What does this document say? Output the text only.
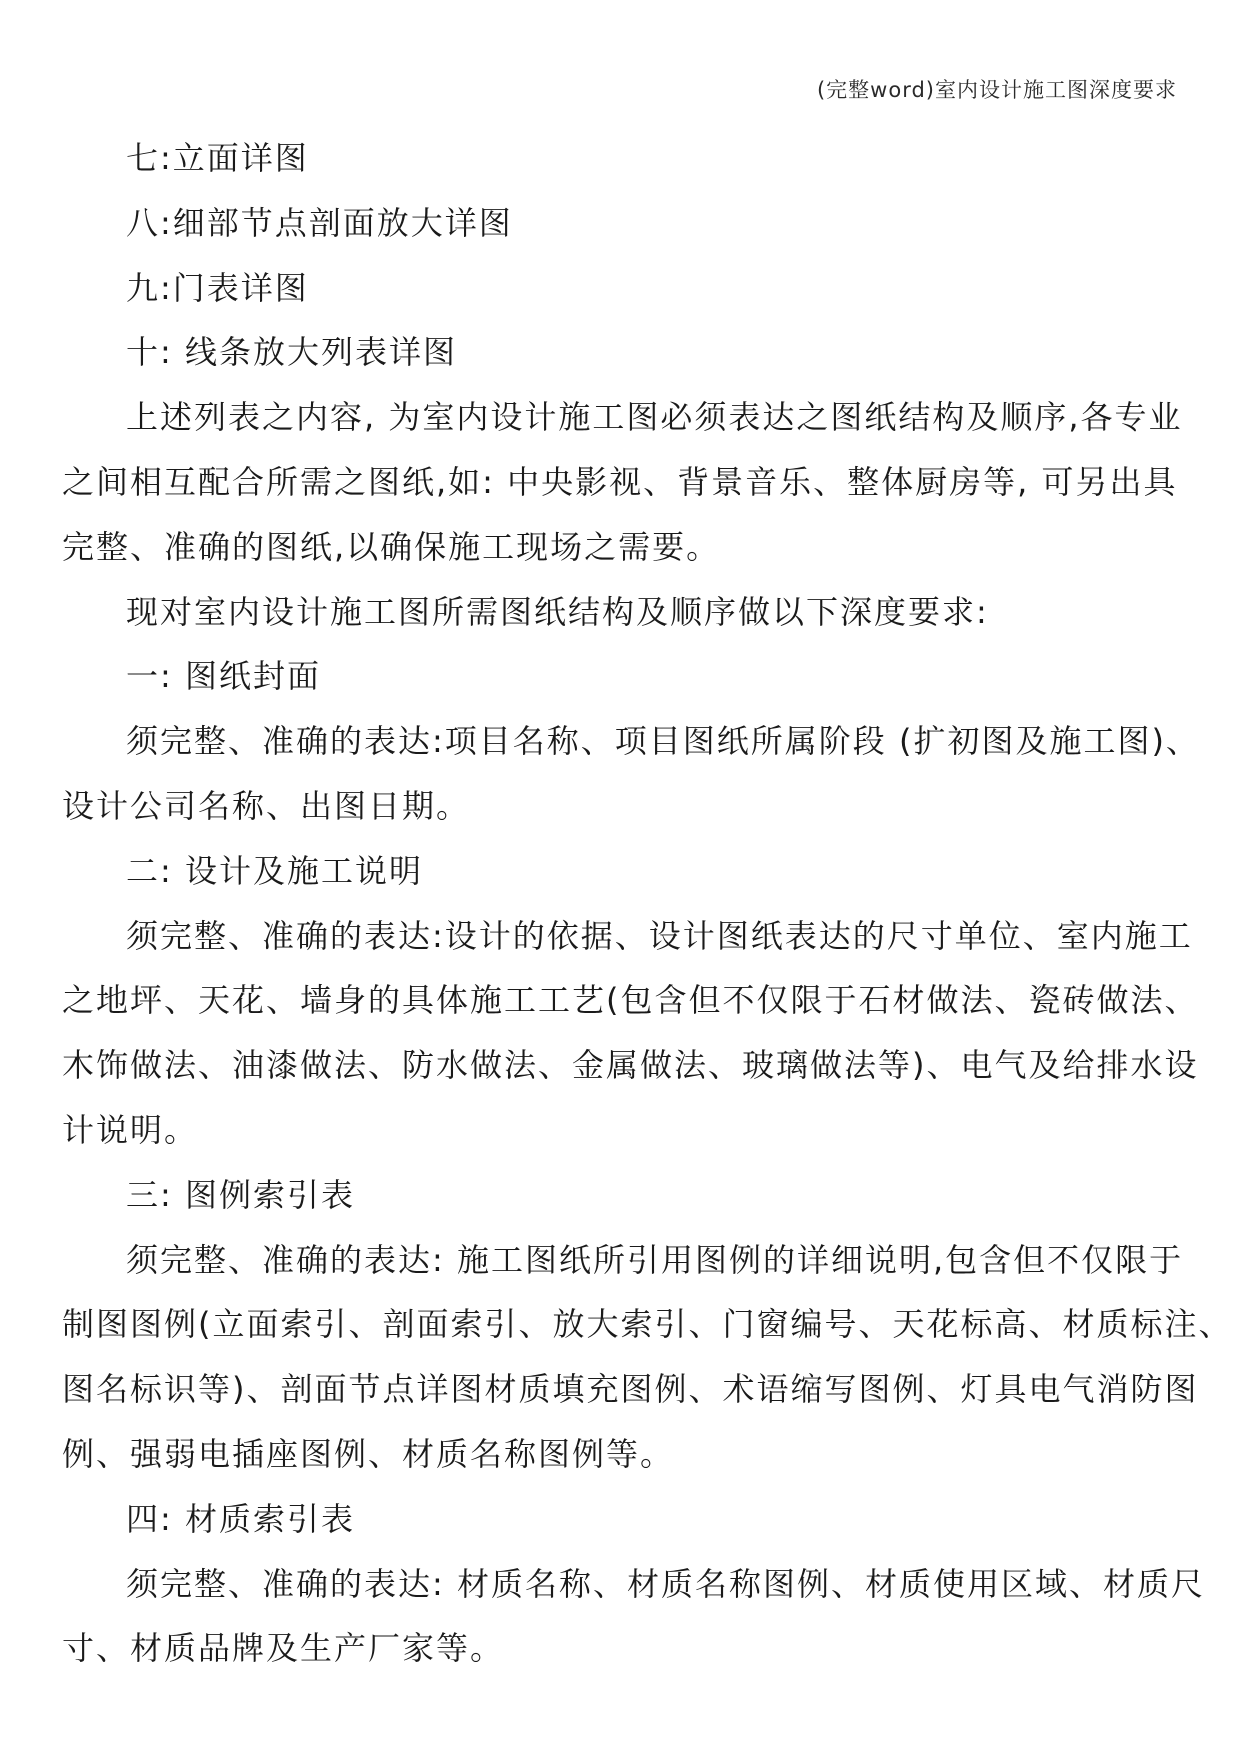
(完整word)室内设计施工图深度要求
七:立面详图
八:细部节点剖面放大详图
九:门表详图
十: 线条放大列表详图
上述列表之内容, 为室内设计施工图必须表达之图纸结构及顺序,各专业
之间相互配合所需之图纸,如: 中央影视、背景音乐、整体厨房等, 可另出具
完整、准确的图纸,以确保施工现场之需要。
现对室内设计施工图所需图纸结构及顺序做以下深度要求:
一: 图纸封面
须完整、准确的表达:项目名称、项目图纸所属阶段 (扩初图及施工图)、
设计公司名称、出图日期。
二: 设计及施工说明
须完整、准确的表达:设计的依据、设计图纸表达的尺寸单位、室内施工
之地坪、天花、墙身的具体施工工艺(包含但不仅限于石材做法、瓷砖做法、
木饰做法、油漆做法、防水做法、金属做法、玻璃做法等)、电气及给排水设
计说明。
三: 图例索引表
须完整、准确的表达: 施工图纸所引用图例的详细说明,包含但不仅限于
制图图例(立面索引、剖面索引、放大索引、门窗编号、天花标高、材质标注、
图名标识等)、剖面节点详图材质填充图例、术语缩写图例、灯具电气消防图
例、强弱电插座图例、材质名称图例等。
四: 材质索引表
须完整、准确的表达: 材质名称、材质名称图例、材质使用区域、材质尺
寸、材质品牌及生产厂家等。
